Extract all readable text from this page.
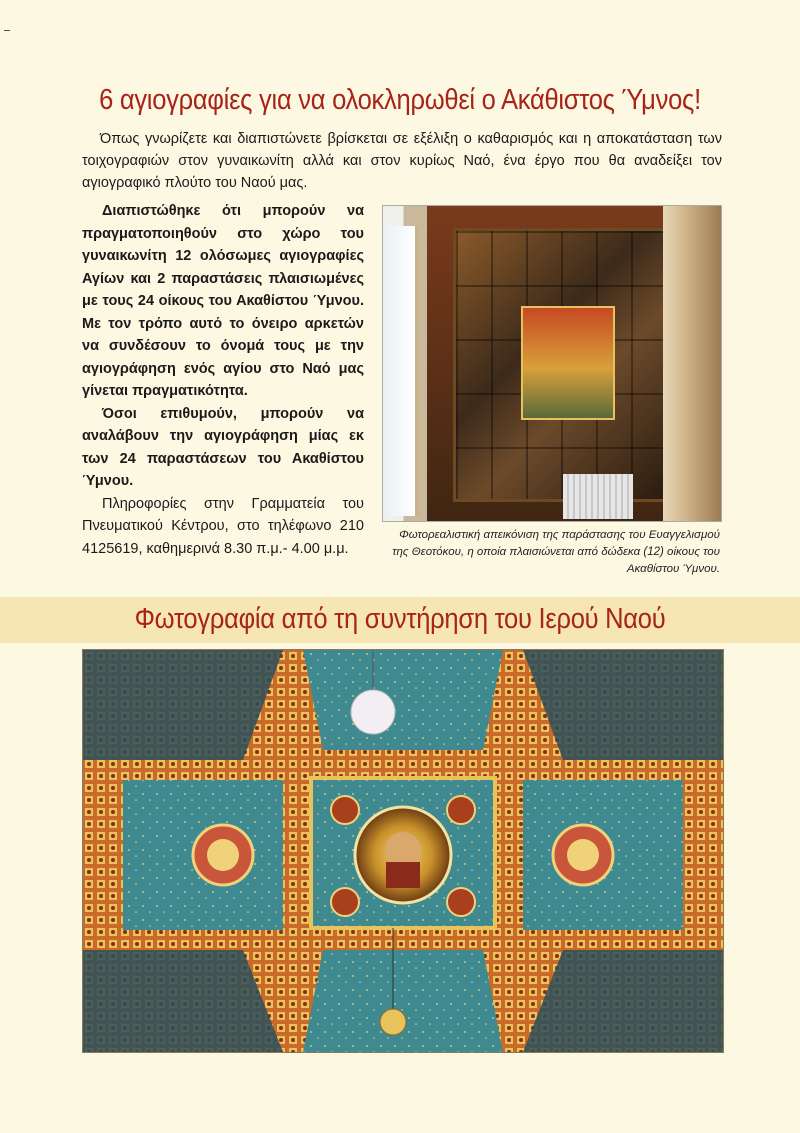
6 αγιογραφίες για να ολοκληρωθεί ο Ακάθιστος Ύμνος!
Όπως γνωρίζετε και διαπιστώνετε βρίσκεται σε εξέλιξη ο καθαρισμός και η αποκατάσταση των τοιχογραφιών στον γυναικωνίτη αλλά και στον κυρίως Ναό, ένα έργο που θα αναδείξει τον αγιογραφικό πλούτο του Ναού μας.

Διαπιστώθηκε ότι μπορούν να πραγματοποιηθούν στο χώρο του γυναικωνίτη 12 ολόσωμες αγιογραφίες Αγίων και 2 παραστάσεις πλαισιωμένες με τους 24 οίκους του Ακαθίστου Ύμνου. Με τον τρόπο αυτό το όνειρο αρκετών να συνδέσουν το όνομά τους με την αγιογράφηση ενός αγίου στο Ναό μας γίνεται πραγματικότητα.

Όσοι επιθυμούν, μπορούν να αναλάβουν την αγιογράφηση μίας εκ των 24 παραστάσεων του Ακαθίστου Ύμνου.

Πληροφορίες στην Γραμματεία του Πνευματικού Κέντρου, στο τηλέφωνο 210 4125619, καθημερινά 8.30 π.μ.- 4.00 μ.μ.

Φωτορεαλιστική απεικόνιση της παράστασης του Ευαγγελισμού της Θεοτόκου, η οποία πλαισιώνεται από δώδεκα (12) οίκους του Ακαθίστου Ύμνου.
Φωτογραφία από τη συντήρηση του Ιερού Ναού
